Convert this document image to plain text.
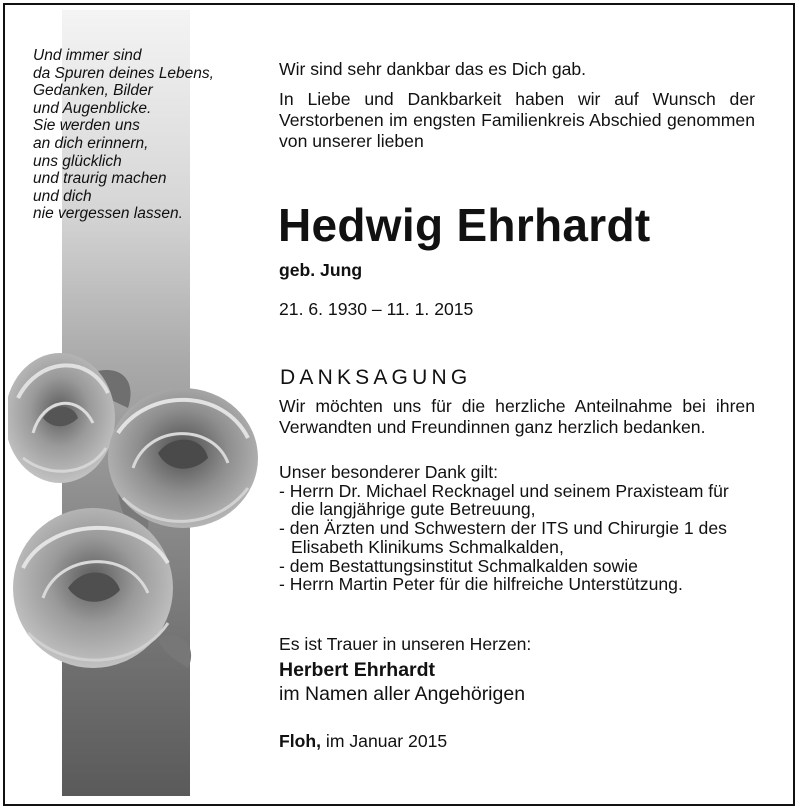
Und immer sind
da Spuren deines Lebens,
Gedanken, Bilder
und Augenblicke.
Sie werden uns
an dich erinnern,
uns glücklich
und traurig machen
und dich
nie vergessen lassen.
Wir sind sehr dankbar das es Dich gab.
In Liebe und Dankbarkeit haben wir auf Wunsch der Verstorbenen im engsten Familienkreis Abschied genommen von unserer lieben
Hedwig Ehrhardt
geb. Jung
21. 6. 1930 – 11. 1. 2015
DANKSAGUNG
Wir möchten uns für die herzliche Anteilnahme bei ihren Verwandten und Freundinnen ganz herzlich bedanken.
Unser besonderer Dank gilt:
- Herrn Dr. Michael Recknagel und seinem Praxisteam für die langjährige gute Betreuung,
- den Ärzten und Schwestern der ITS und Chirurgie 1 des Elisabeth Klinikums Schmalkalden,
- dem Bestattungsinstitut Schmalkalden sowie
- Herrn Martin Peter für die hilfreiche Unterstützung.
Es ist Trauer in unseren Herzen:
Herbert Ehrhardt
im Namen aller Angehörigen
Floh, im Januar 2015
